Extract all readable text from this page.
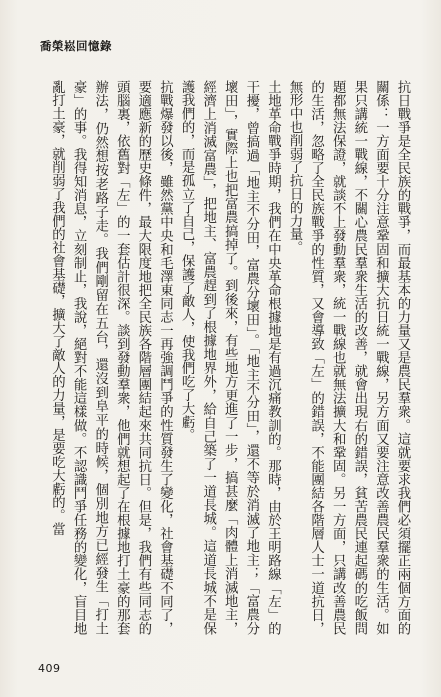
喬榮崧回憶錄

抗日戰爭是全民族的戰爭，而最基本的力量又是農民羣衆。這就要求我們必須擺正兩個方面的關係：一方面要十分注意鞏固和擴大抗日統一戰線，另方面又要注意改善農民羣衆的生活。如果只講統一戰線，不關心農民羣衆生活的改善，就會出現右的錯誤，貧苦農民連起碼的吃飯問題都無法保證，就談不上發動羣衆，統一戰線也就無法擴大和鞏固。另一方面，只講改善農民的生活，忽略了全民族戰爭的性質，又會導致「左」的錯誤，不能團結各階層人士一道抗日，無形中也削弱了抗日的力量。

土地革命戰爭時期，我們在中央革命根據地是有過沉痛教訓的。那時，由於王明路線「左」的干擾，曾搞過「地主不分田，富農分壞田」。「地主不分田」，還不等於消滅了地主；「富農分壞田」，實際上也把富農搞掉了。到後來，有些地方更進了一步，搞甚麼「肉體上消滅地主，經濟上消滅富農」，把地主、富農趕到了根據地界外，給自己築了一道長城。這道長城不是保護我們的，而是孤立了自己，保護了敵人，使我們吃了大虧。

抗戰爆發以後，雖然黨中央和毛澤東同志一再強調鬥爭的性質發生了變化，社會基礎不同了，要適應新的歷史條件，最大限度地把全民族各階層團結起來共同抗日。但是，我們有些同志的頭腦裏，依舊對「左」的一套估計很深。談到發動羣衆，他們就想起了在根據地打土豪的那套辦法，仍然想按老路子走。我們剛留在五台，還沒到阜平的時候，個別地方已經發生「打土豪」的事。我得知消息，立刻制止，我說，絕對不能這樣做。不認識鬥爭任務的變化，盲目地亂打土豪，就削弱了我們的社會基礎，擴大了敵人的力量，是要吃大虧的。當

409
